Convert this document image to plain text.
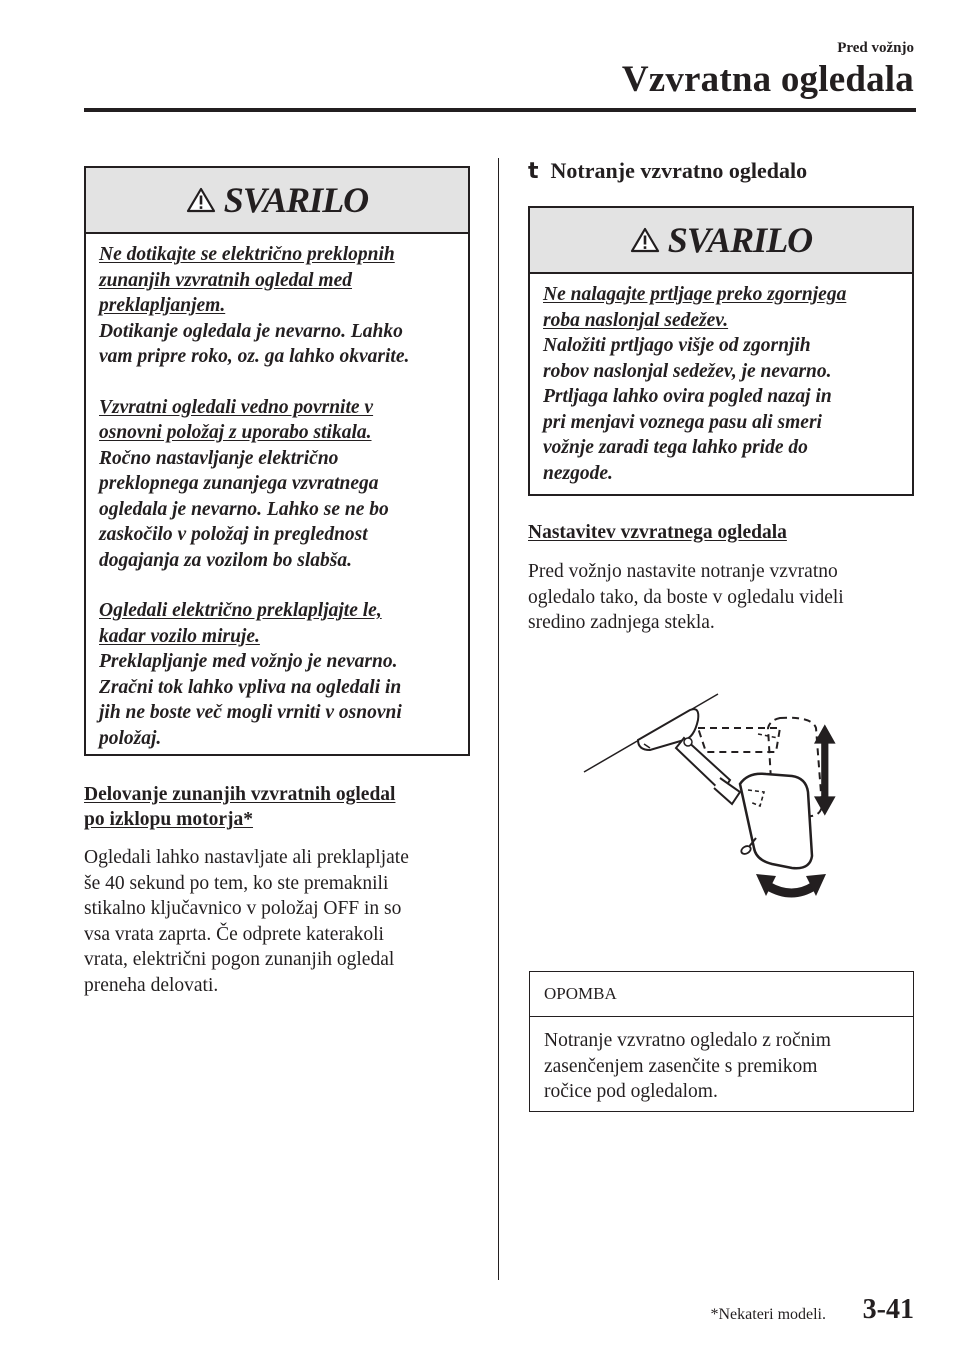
Pred vožnjo
Vzvratna ogledala
SVARILO

Ne dotikajte se električno preklopnih
zunanjih vzvratnih ogledal med
preklapljanjem.
Dotikanje ogledala je nevarno. Lahko
vam pripre roko, oz. ga lahko okvarite.

Vzvratni ogledali vedno povrnite v
osnovni položaj z uporabo stikala.
Ročno nastavljanje električno
preklopnega zunanjega vzvratnega
ogledala je nevarno. Lahko se ne bo
zaskočilo v položaj in preglednost
dogajanja za vozilom bo slabša.

Ogledali električno preklapljajte le,
kadar vozilo miruje.
Preklapljanje med vožnjo je nevarno.
Zračni tok lahko vpliva na ogledali in
jih ne boste več mogli vrniti v osnovni
položaj.

Delovanje zunanjih vzvratnih ogledal
po izklopu motorja*
Ogledali lahko nastavljate ali preklapljate
še 40 sekund po tem, ko ste premaknili
stikalno ključavnico v položaj OFF in so
vsa vrata zaprta. Če odprete katerakoli
vrata, električni pogon zunanjih ogledal
preneha delovati.
t Notranje vzvratno ogledalo
SVARILO

Ne nalagajte prtljage preko zgornjega
roba naslonjal sedežev.
Naložiti prtljago višje od zgornjih
robov naslonjal sedežev, je nevarno.
Prtljaga lahko ovira pogled nazaj in
pri menjavi voznega pasu ali smeri
vožnje zaradi tega lahko pride do
nezgode.

Nastavitev vzvratnega ogledala
Pred vožnjo nastavite notranje vzvratno
ogledalo tako, da boste v ogledalu videli
sredino zadnjega stekla.
OPOMBA
Notranje vzvratno ogledalo z ročnim
zasenčenjem zasenčite s premikom
ročice pod ogledalom.
*Nekateri modeli. 3-41
